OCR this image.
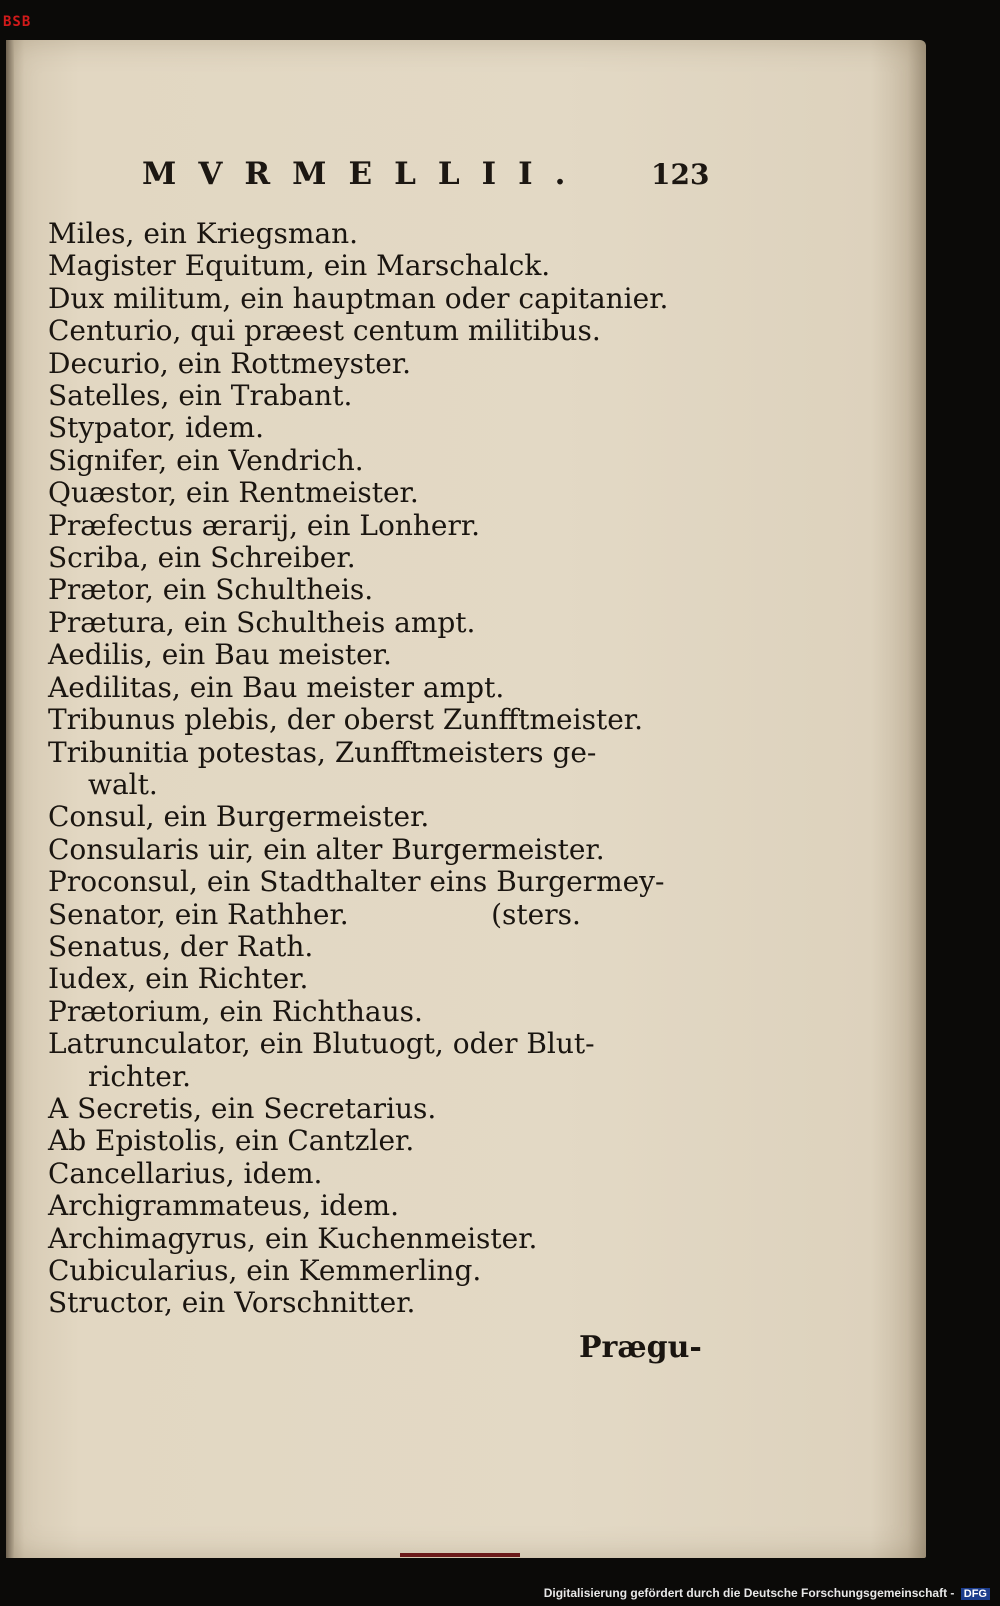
BSB
MVRMELLII. 123
Miles, ein Kriegsman.
Magister Equitum, ein Marschalck.
Dux militum, ein hauptman oder capitanier.
Centurio, qui præest centum militibus.
Decurio, ein Rottmeyster.
Satelles, ein Trabant.
Stypator, idem.
Signifer, ein Vendrich.
Quæstor, ein Rentmeister.
Præfectus ærarij, ein Lonherr.
Scriba, ein Schreiber.
Prætor, ein Schultheis.
Prætura, ein Schultheis ampt.
Aedilis, ein Bau meister.
Aedilitas, ein Bau meister ampt.
Tribunus plebis, der oberst Zunfftmeister.
Tribunitia potestas, Zunfftmeisters ge-
walt.
Consul, ein Burgermeister.
Consularis uir, ein alter Burgermeister.
Proconsul, ein Stadthalter eins Burgermey-
Senator, ein Rathher.                (sters.
Senatus, der Rath.
Iudex, ein Richter.
Prætorium, ein Richthaus.
Latrunculator, ein Blutuogt, oder Blut-
richter.
A Secretis, ein Secretarius.
Ab Epistolis, ein Cantzler.
Cancellarius, idem.
Archigrammateus, idem.
Archimagyrus, ein Kuchenmeister.
Cubicularius, ein Kemmerling.
Structor, ein Vorschnitter.
Prægu-
Digitalisierung gefördert durch die Deutsche Forschungsgemeinschaft - DFG
